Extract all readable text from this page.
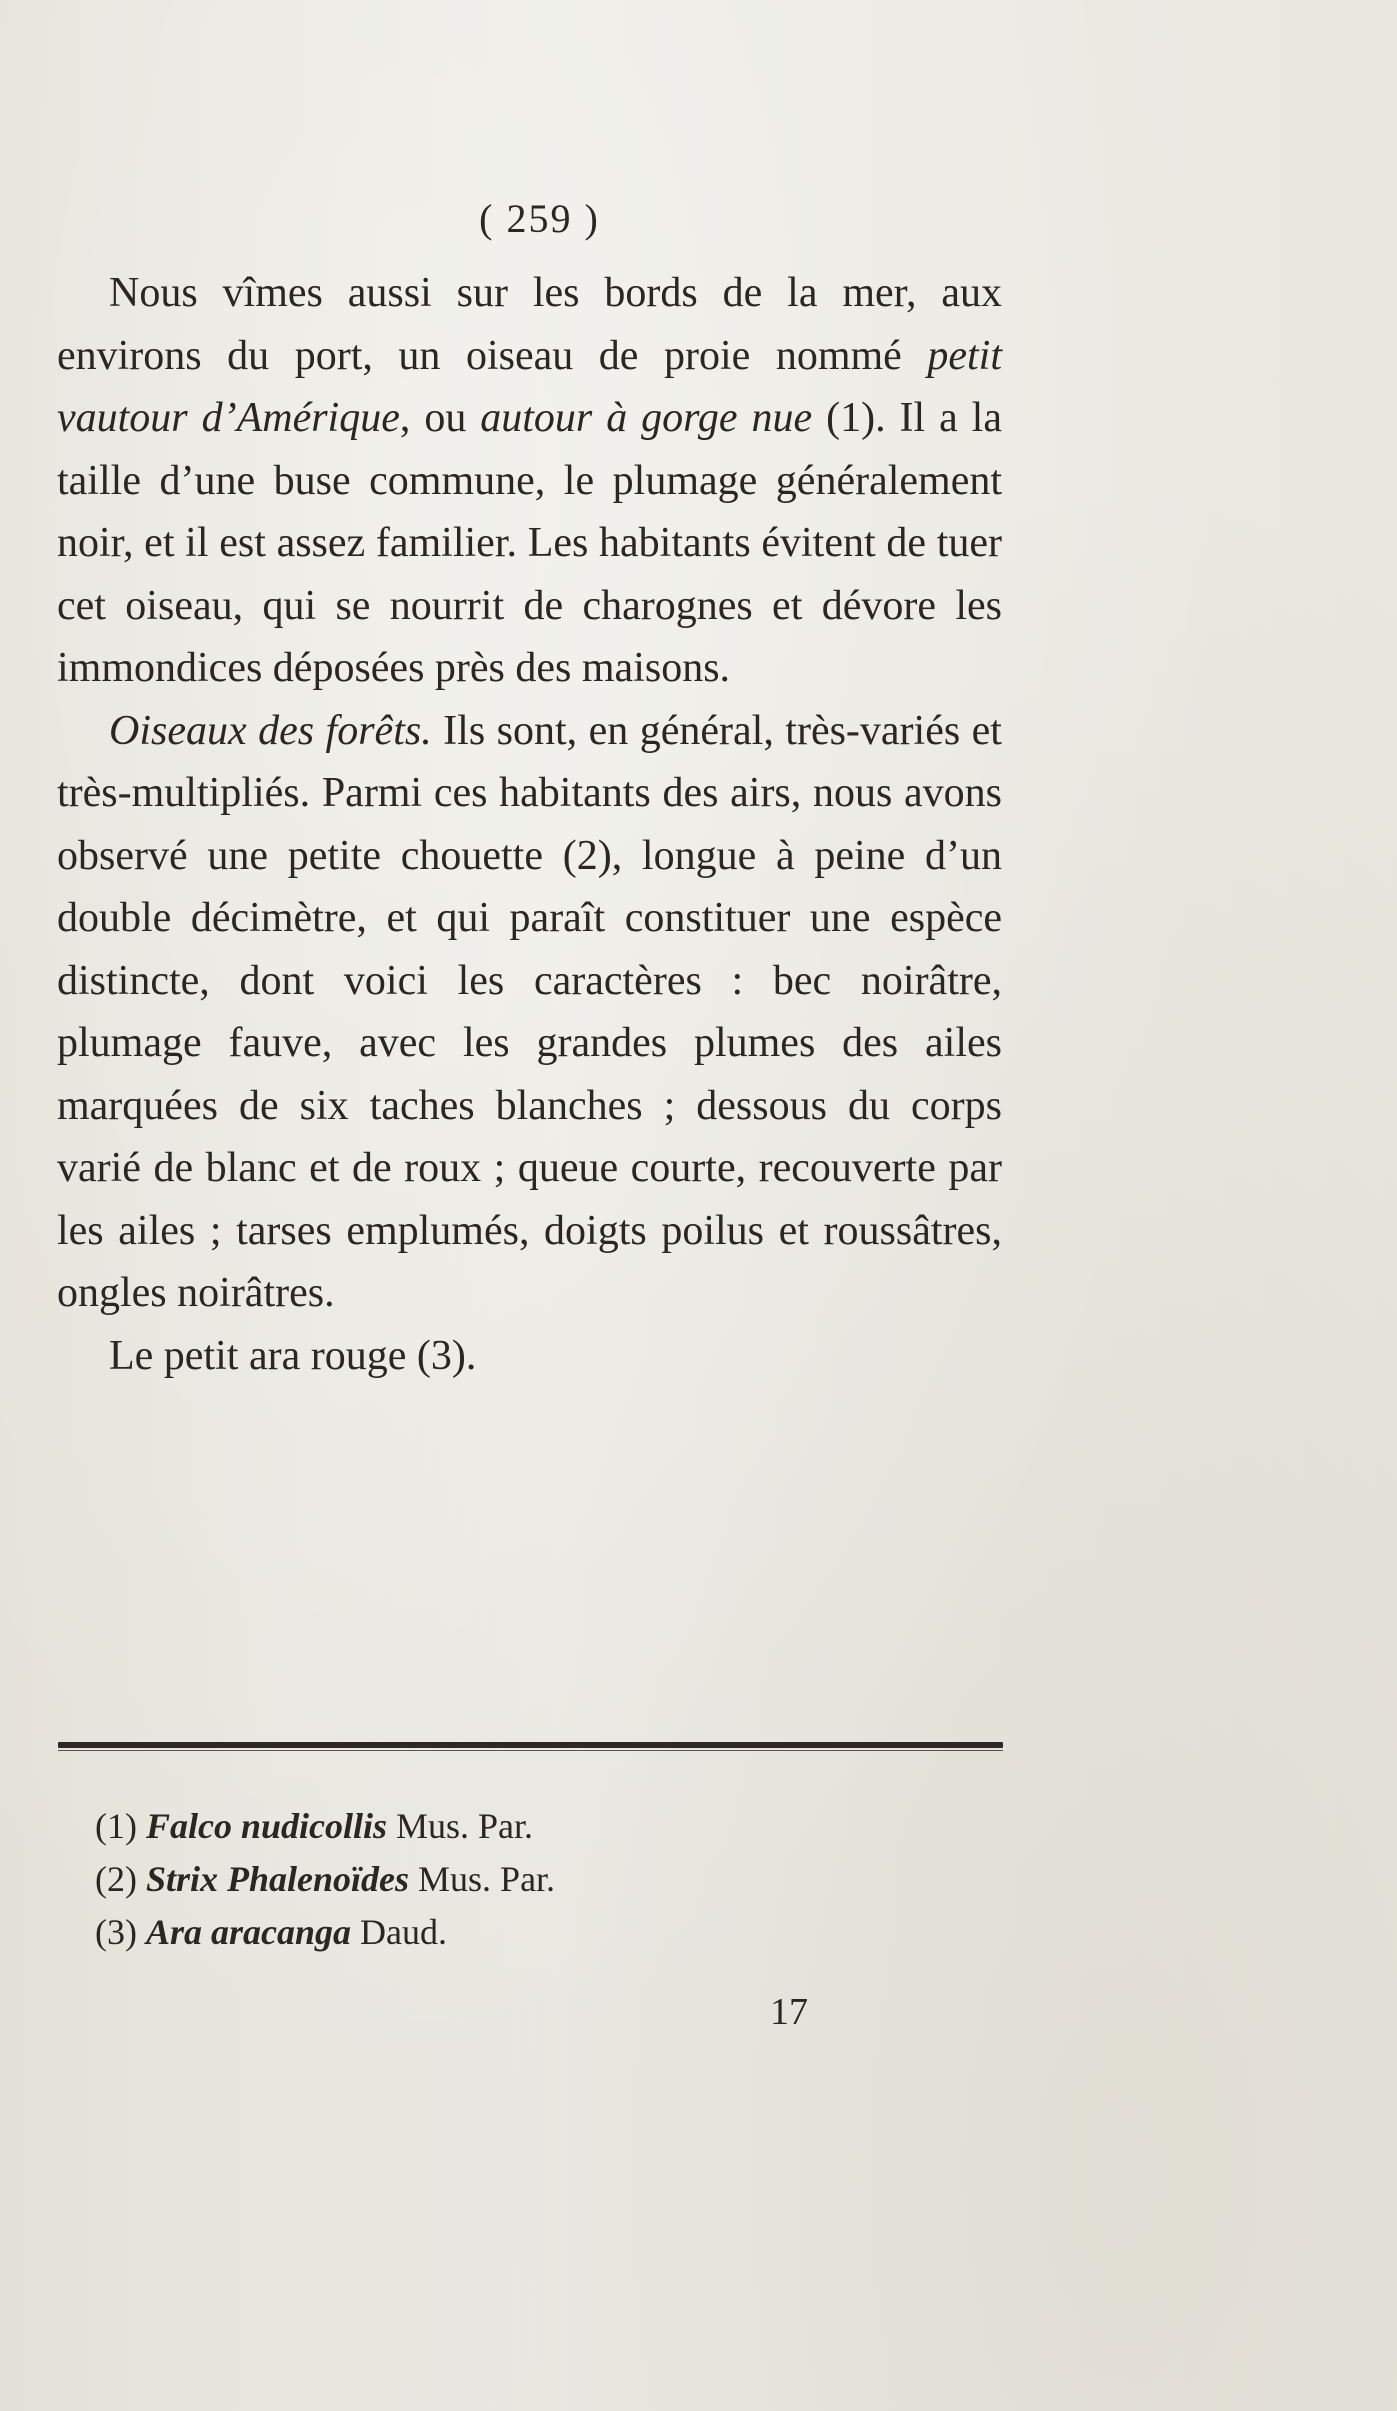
( 259 )

Nous vîmes aussi sur les bords de la mer, aux environs du port, un oiseau de proie nommé petit vautour d’Amérique, ou autour à gorge nue (1). Il a la taille d’une buse commune, le plumage généralement noir, et il est assez familier. Les habitants évitent de tuer cet oiseau, qui se nourrit de charognes et dévore les immondices déposées près des maisons.

Oiseaux des forêts. Ils sont, en général, très-variés et très-multipliés. Parmi ces habitants des airs, nous avons observé une petite chouette (2), longue à peine d’un double décimètre, et qui paraît constituer une espèce distincte, dont voici les caractères : bec noirâtre, plumage fauve, avec les grandes plumes des ailes marquées de six taches blanches ; dessous du corps varié de blanc et de roux ; queue courte, recouverte par les ailes ; tarses emplumés, doigts poilus et roussâtres, ongles noirâtres.

Le petit ara rouge (3).

(1) Falco nudicollis Mus. Par.

(2) Strix Phalenoïdes Mus. Par.

(3) Ara aracanga Daud.

17
